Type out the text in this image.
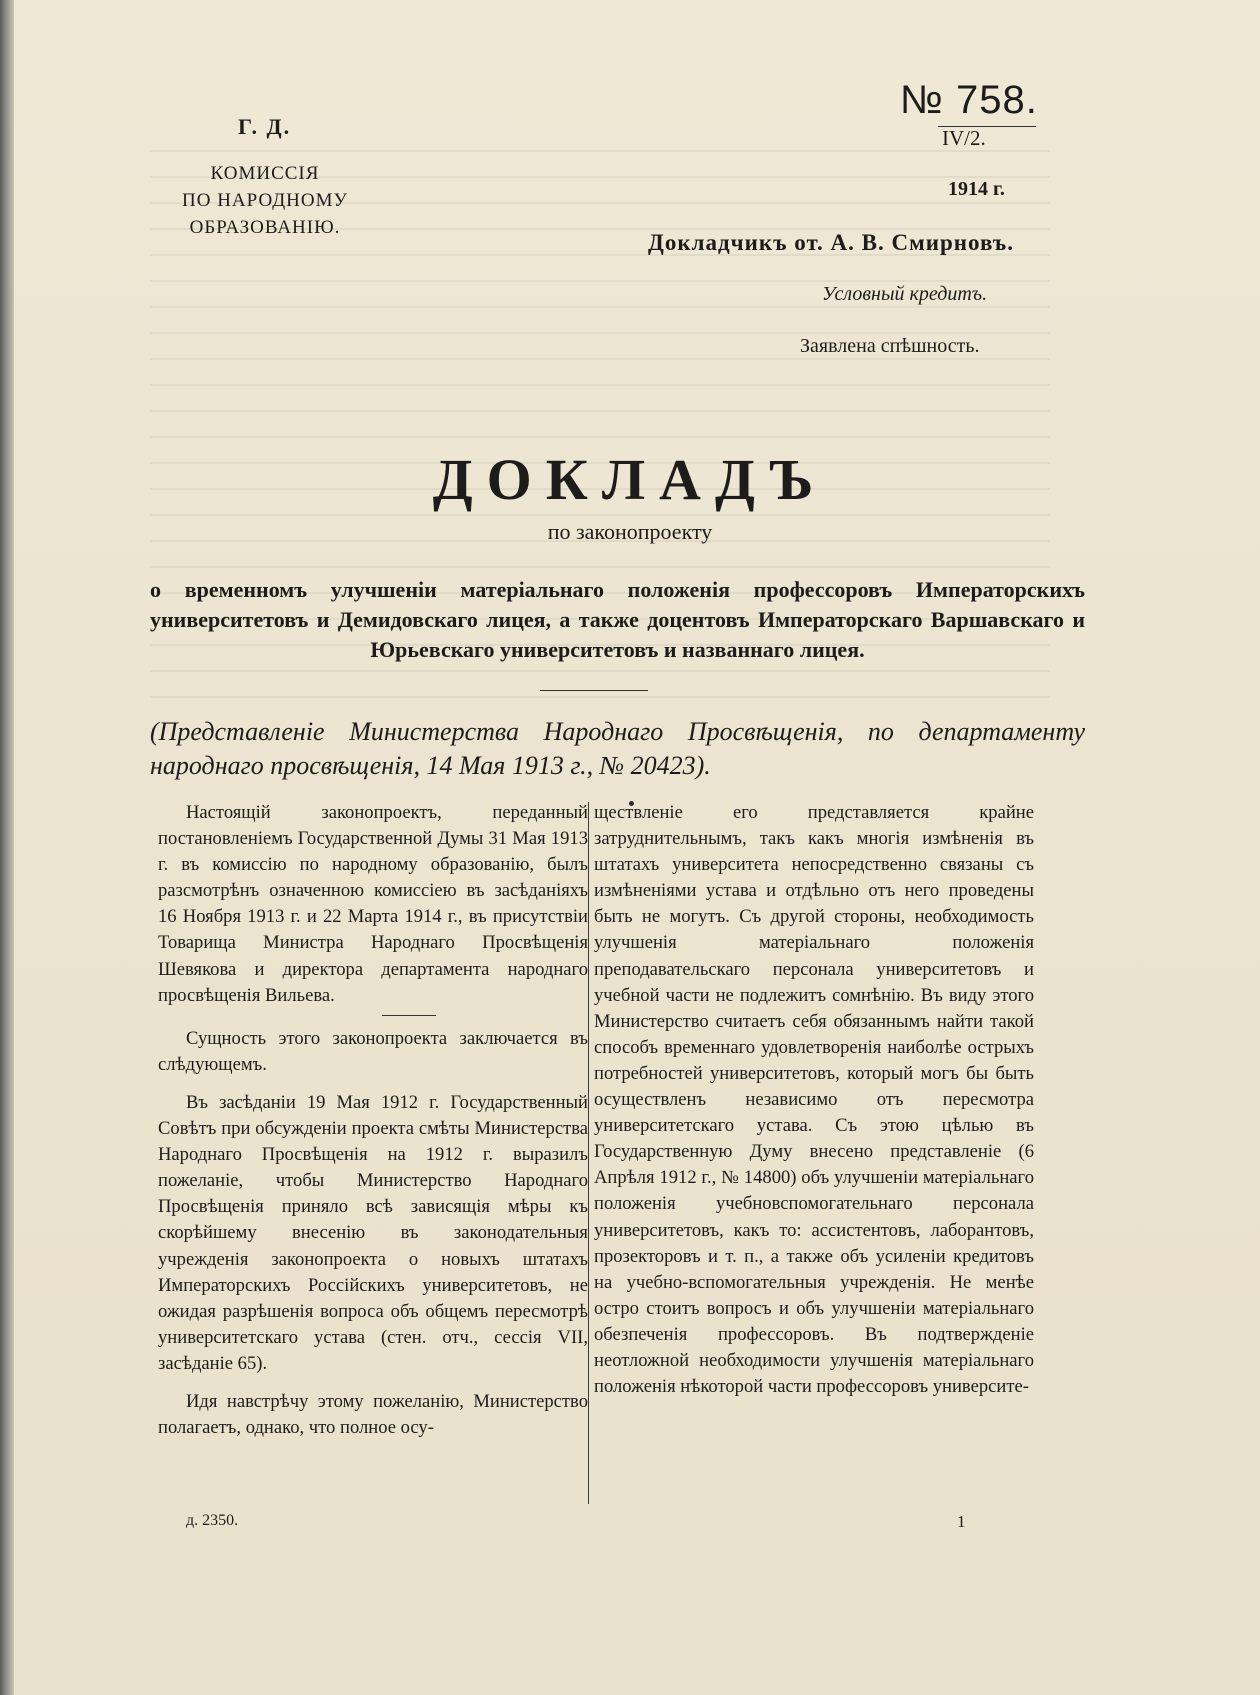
Г. Д.
КОМИССІЯ
ПО НАРОДНОМУ
ОБРАЗОВАНІЮ.
№ 758.
IV/2.
1914 г.
Докладчикъ от. А. В. Смирновъ.
Условный кредитъ.
Заявлена спѣшность.
ДОКЛАДЪ
по законопроекту
о временномъ улучшеніи матеріальнаго положенія профессоровъ Императорскихъ университетовъ и Демидовскаго лицея, а также доцентовъ Императорскаго Варшавскаго и Юрьевскаго университетовъ и названнаго лицея.
(Представленіе Министерства Народнаго Просвѣщенія, по департаменту народнаго просвѣщенія, 14 Мая 1913 г., № 20423).

Настоящій законопроектъ, переданный постановленіемъ Государственной Думы 31 Мая 1913 г. въ комиссію по народному образованію, былъ разсмотрѣнъ означенною комиссіею въ засѣданіяхъ 16 Ноября 1913 г. и 22 Марта 1914 г., въ присутствіи Товарища Министра Народнаго Просвѣщенія Шевякова и директора департамента народнаго просвѣщенія Вильева.

Сущность этого законопроекта заключается въ слѣдующемъ.

Въ засѣданіи 19 Мая 1912 г. Государственный Совѣтъ при обсужденіи проекта смѣты Министерства Народнаго Просвѣщенія на 1912 г. выразилъ пожеланіе, чтобы Министерство Народнаго Просвѣщенія приняло всѣ зависящія мѣры къ скорѣйшему внесенію въ законодательныя учрежденія законопроекта о новыхъ штатахъ Императорскихъ Россійскихъ университетовъ, не ожидая разрѣшенія вопроса объ общемъ пересмотрѣ университетскаго устава (стен. отч., сессія VII, засѣданіе 65).

Идя навстрѣчу этому пожеланію, Министерство полагаетъ, однако, что полное осу-

ществленіе его представляется крайне затруднительнымъ, такъ какъ многія измѣненія въ штатахъ университета непосредственно связаны съ измѣненіями устава и отдѣльно отъ него проведены быть не могутъ. Съ другой стороны, необходимость улучшенія матеріальнаго положенія преподавательскаго персонала университетовъ и учебной части не подлежитъ сомнѣнію. Въ виду этого Министерство считаетъ себя обязаннымъ найти такой способъ временнаго удовлетворенія наиболѣе острыхъ потребностей университетовъ, который могъ бы быть осуществленъ независимо отъ пересмотра университетскаго устава. Съ этою цѣлью въ Государственную Думу внесено представленіе (6 Апрѣля 1912 г., № 14800) объ улучшеніи матеріальнаго положенія учебновспомогательнаго персонала университетовъ, какъ то: ассистентовъ, лаборантовъ, прозекторовъ и т. п., а также объ усиленіи кредитовъ на учебно-вспомогательныя учрежденія. Не менѣе остро стоитъ вопросъ и объ улучшеніи матеріальнаго обезпеченія профессоровъ. Въ подтвержденіе неотложной необходимости улучшенія матеріальнаго положенія нѣкоторой части профессоровъ университе-

д. 2350.	1
